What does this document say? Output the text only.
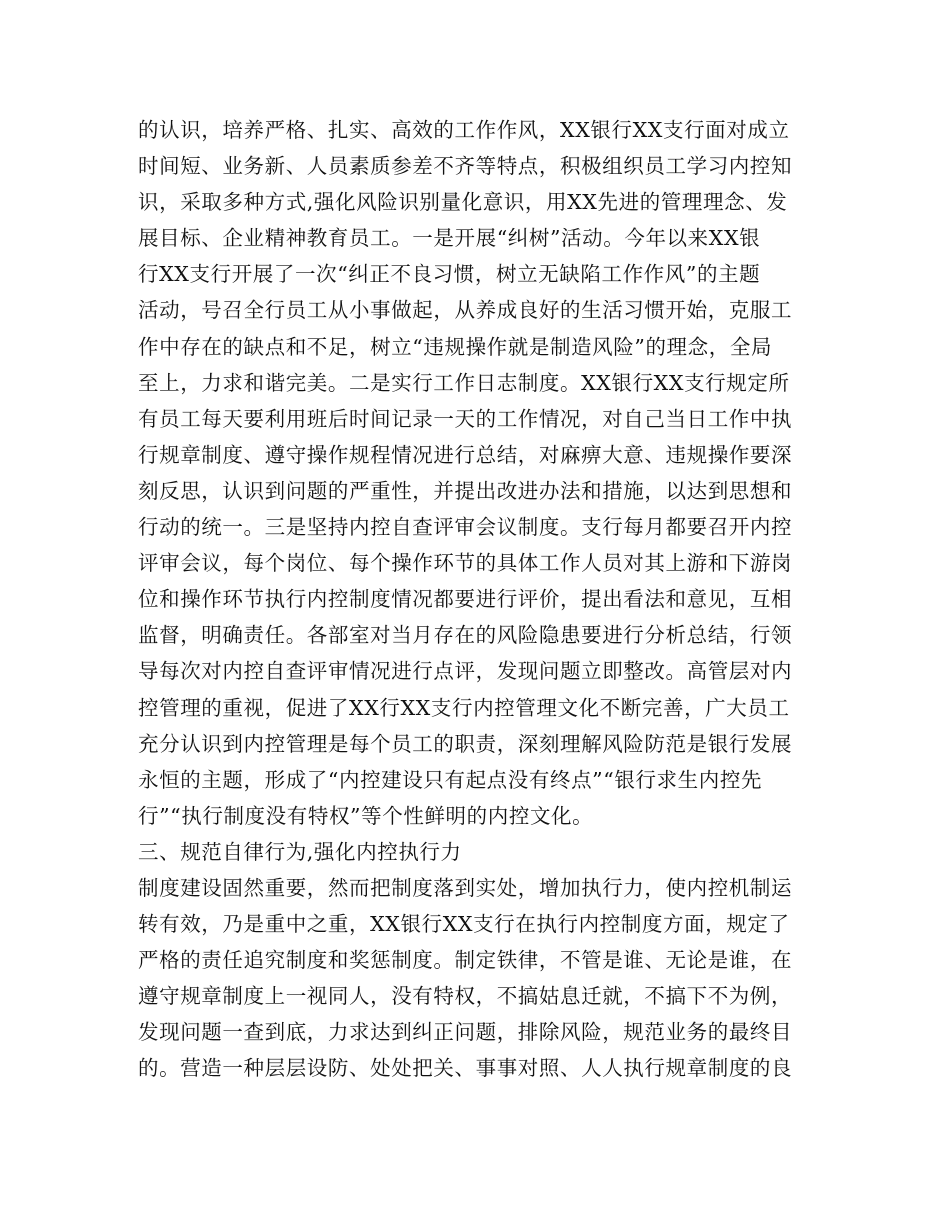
的认识，培养严格、扎实、高效的工作作风，XX银行XX支行面对成立
时间短、业务新、人员素质参差不齐等特点，积极组织员工学习内控知
识，采取多种方式,强化风险识别量化意识，用XX先进的管理理念、发
展目标、企业精神教育员工。一是开展“纠树”活动。今年以来XX银
行XX支行开展了一次“纠正不良习惯，树立无缺陷工作作风”的主题
活动，号召全行员工从小事做起，从养成良好的生活习惯开始，克服工
作中存在的缺点和不足，树立“违规操作就是制造风险”的理念，全局
至上，力求和谐完美。二是实行工作日志制度。XX银行XX支行规定所
有员工每天要利用班后时间记录一天的工作情况，对自己当日工作中执
行规章制度、遵守操作规程情况进行总结，对麻痹大意、违规操作要深
刻反思，认识到问题的严重性，并提出改进办法和措施，以达到思想和
行动的统一。三是坚持内控自查评审会议制度。支行每月都要召开内控
评审会议，每个岗位、每个操作环节的具体工作人员对其上游和下游岗
位和操作环节执行内控制度情况都要进行评价，提出看法和意见，互相
监督，明确责任。各部室对当月存在的风险隐患要进行分析总结，行领
导每次对内控自查评审情况进行点评，发现问题立即整改。高管层对内
控管理的重视，促进了XX行XX支行内控管理文化不断完善，广大员工
充分认识到内控管理是每个员工的职责，深刻理解风险防范是银行发展
永恒的主题，形成了“内控建设只有起点没有终点”“银行求生内控先
行”“执行制度没有特权”等个性鲜明的内控文化。
三、规范自律行为,强化内控执行力
制度建设固然重要，然而把制度落到实处，增加执行力，使内控机制运
转有效，乃是重中之重，XX银行XX支行在执行内控制度方面，规定了
严格的责任追究制度和奖惩制度。制定铁律，不管是谁、无论是谁，在
遵守规章制度上一视同人，没有特权，不搞姑息迁就，不搞下不为例，
发现问题一查到底，力求达到纠正问题，排除风险，规范业务的最终目
的。营造一种层层设防、处处把关、事事对照、人人执行规章制度的良
